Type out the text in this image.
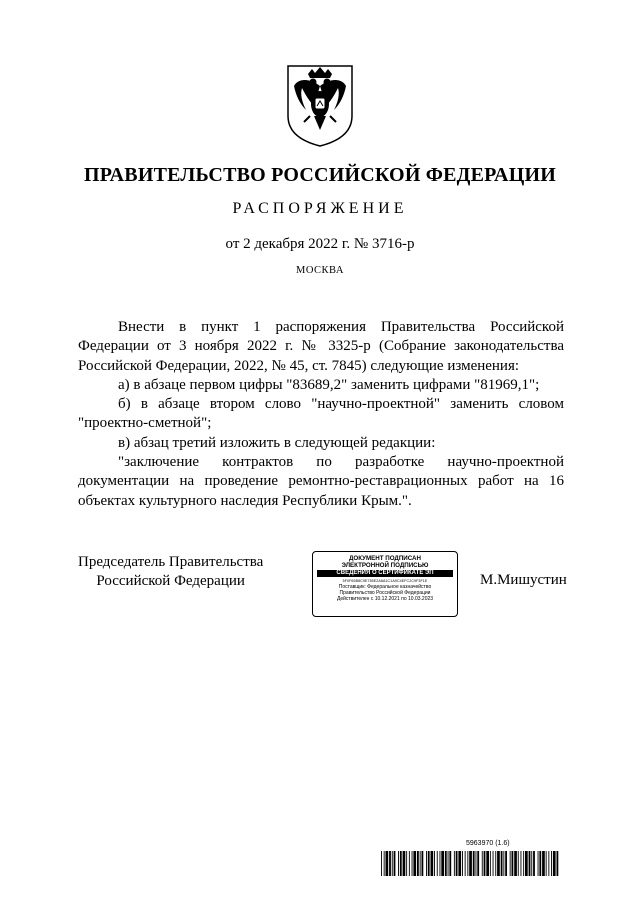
ПРАВИТЕЛЬСТВО РОССИЙСКОЙ ФЕДЕРАЦИИ
РАСПОРЯЖЕНИЕ
от 2 декабря 2022 г. № 3716-р
МОСКВА

Внести в пункт 1 распоряжения Правительства Российской Федерации от 3 ноября 2022 г. № 3325-р (Собрание законодательства Российской Федерации, 2022, № 45, ст. 7845) следующие изменения:

а) в абзаце первом цифры "83689,2" заменить цифрами "81969,1";

б) в абзаце втором слово "научно-проектной" заменить словом "проектно-сметной";

в) абзац третий изложить в следующей редакции:

"заключение контрактов по разработке научно-проектной документации на проведение ремонтно-реставрационных работ на 16 объектах культурного наследия Республики Крым.".

Председатель Правительства
Российской Федерации
ДОКУМЕНТ ПОДПИСАН
ЭЛЕКТРОННОЙ ПОДПИСЬЮ
СВЕДЕНИЯ О СЕРТИФИКАТЕ ЭП
5F0F65B8C9E755E2A8A1C1A9C4EFC2C9F3F1E
Поставщик: Федеральное казначейство
Правительство Российской Федерации
Действителен с 10.12.2021 по 10.03.2023
М.Мишустин
5963970 (1.6)
